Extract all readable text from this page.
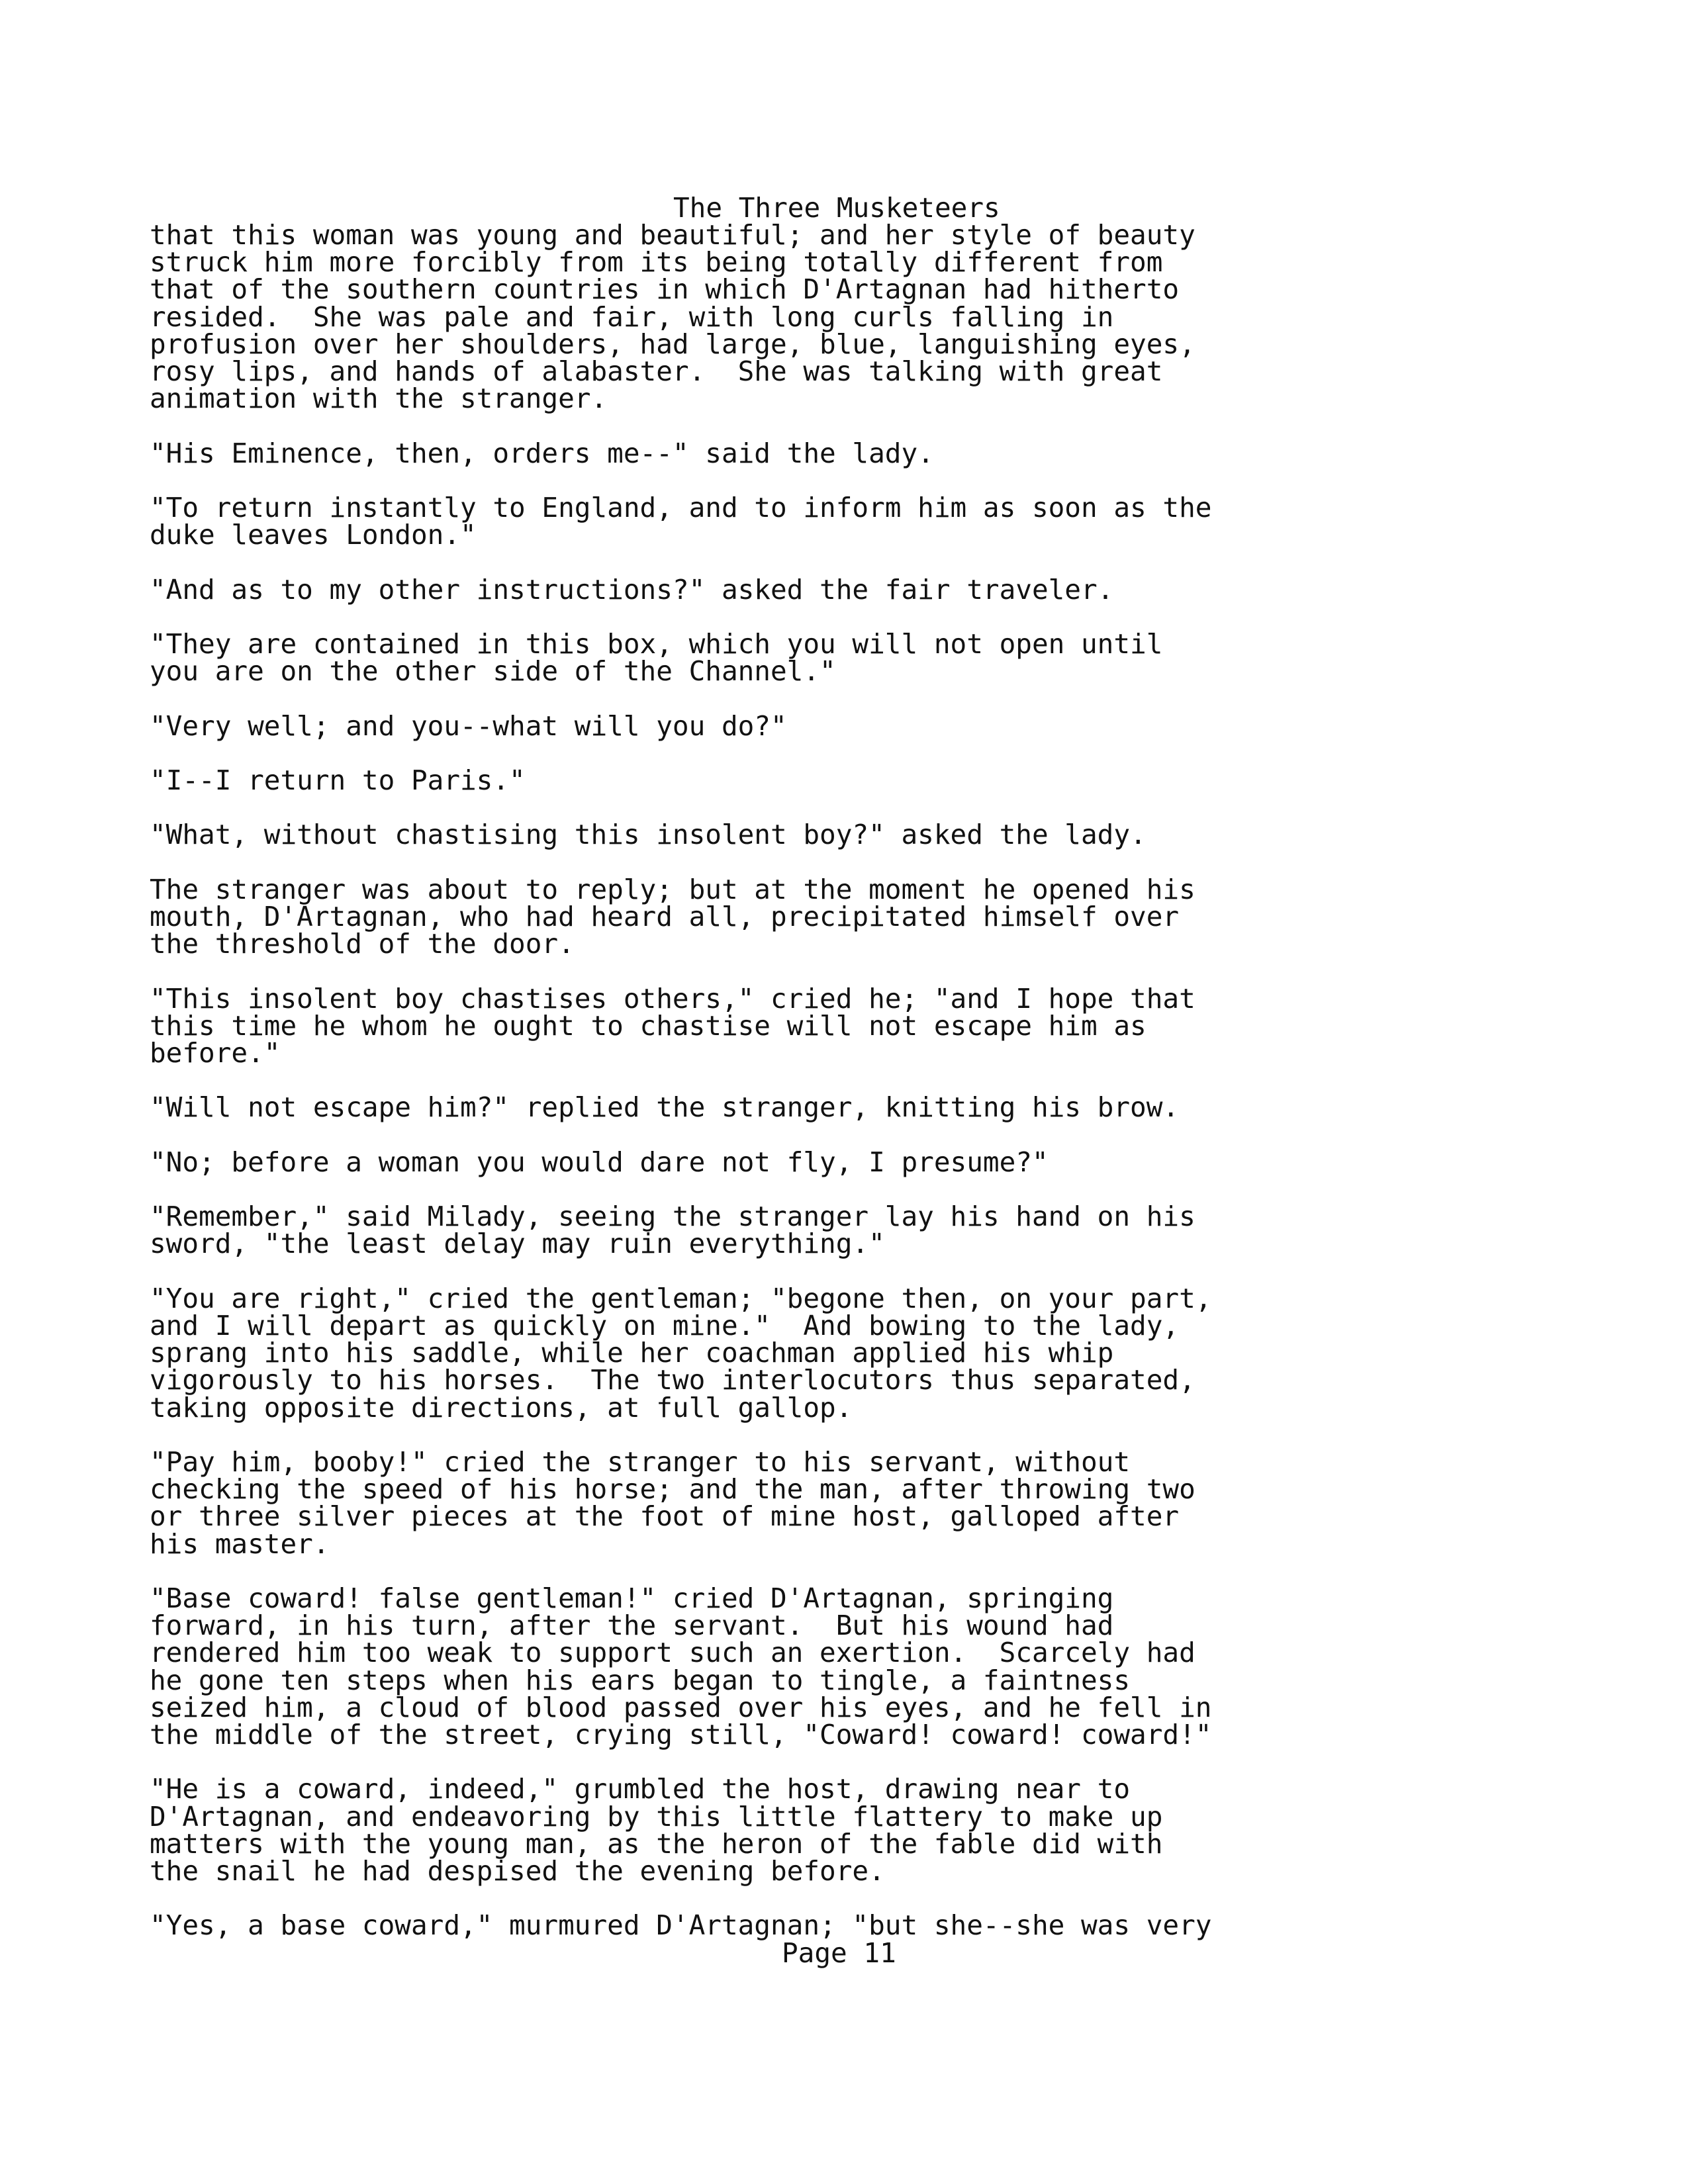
The Three Musketeers
that this woman was young and beautiful; and her style of beauty
struck him more forcibly from its being totally different from
that of the southern countries in which D'Artagnan had hitherto
resided.  She was pale and fair, with long curls falling in
profusion over her shoulders, had large, blue, languishing eyes,
rosy lips, and hands of alabaster.  She was talking with great
animation with the stranger.
"His Eminence, then, orders me--" said the lady.
"To return instantly to England, and to inform him as soon as the
duke leaves London."
"And as to my other instructions?" asked the fair traveler.
"They are contained in this box, which you will not open until
you are on the other side of the Channel."
"Very well; and you--what will you do?"
"I--I return to Paris."
"What, without chastising this insolent boy?" asked the lady.
The stranger was about to reply; but at the moment he opened his
mouth, D'Artagnan, who had heard all, precipitated himself over
the threshold of the door.
"This insolent boy chastises others," cried he; "and I hope that
this time he whom he ought to chastise will not escape him as
before."
"Will not escape him?" replied the stranger, knitting his brow.
"No; before a woman you would dare not fly, I presume?"
"Remember," said Milady, seeing the stranger lay his hand on his
sword, "the least delay may ruin everything."
"You are right," cried the gentleman; "begone then, on your part,
and I will depart as quickly on mine."  And bowing to the lady,
sprang into his saddle, while her coachman applied his whip
vigorously to his horses.  The two interlocutors thus separated,
taking opposite directions, at full gallop.
"Pay him, booby!" cried the stranger to his servant, without
checking the speed of his horse; and the man, after throwing two
or three silver pieces at the foot of mine host, galloped after
his master.
"Base coward! false gentleman!" cried D'Artagnan, springing
forward, in his turn, after the servant.  But his wound had
rendered him too weak to support such an exertion.  Scarcely had
he gone ten steps when his ears began to tingle, a faintness
seized him, a cloud of blood passed over his eyes, and he fell in
the middle of the street, crying still, "Coward! coward! coward!"
"He is a coward, indeed," grumbled the host, drawing near to
D'Artagnan, and endeavoring by this little flattery to make up
matters with the young man, as the heron of the fable did with
the snail he had despised the evening before.
"Yes, a base coward," murmured D'Artagnan; "but she--she was very
Page 11
